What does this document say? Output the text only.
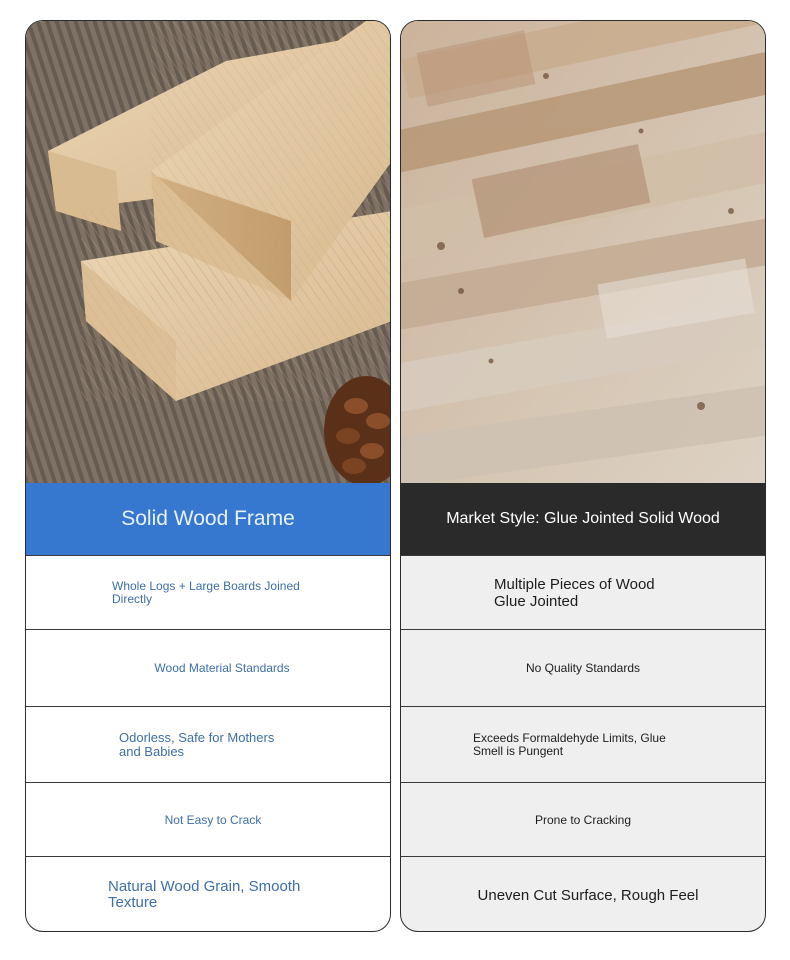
Solid Wood Frame
Whole Logs + Large Boards Joined Directly
Wood Material Standards
Odorless, Safe for Mothers and Babies
Not Easy to Crack
Natural Wood Grain, Smooth Texture
Market Style: Glue Jointed Solid Wood
Multiple Pieces of Wood Glue Jointed
No Quality Standards
Exceeds Formaldehyde Limits, Glue Smell is Pungent
Prone to Cracking
Uneven Cut Surface, Rough Feel
